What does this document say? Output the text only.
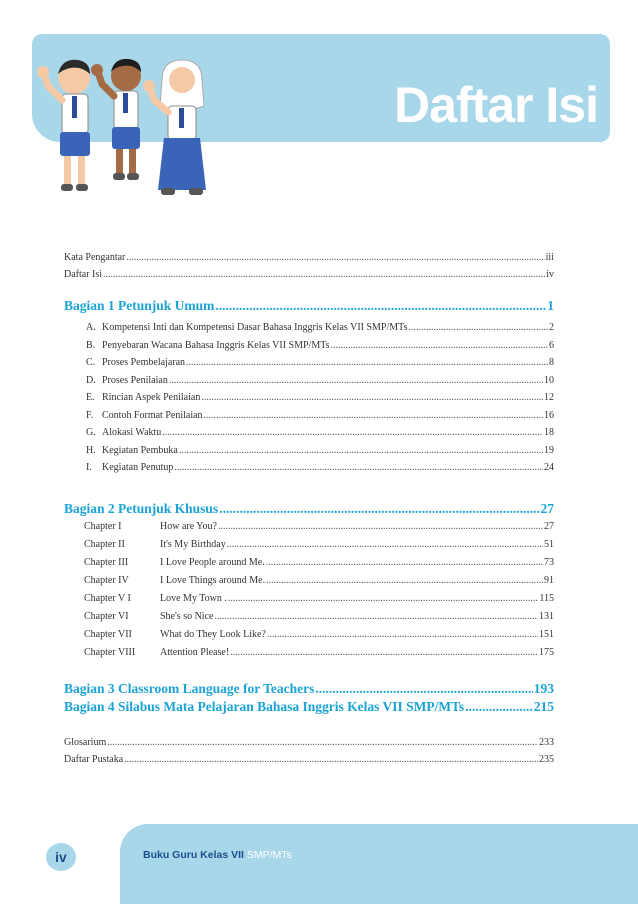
Daftar Isi
Kata Pengantar .....	iii
Daftar Isi .....	iv
Bagian 1 Petunjuk Umum .....	1
A. Kompetensi Inti dan Kompetensi Dasar Bahasa Inggris Kelas VII SMP/MTs .....	2
B. Penyebaran Wacana Bahasa Inggris Kelas VII SMP/MTs .....	6
C. Proses Pembelajaran .....	8
D. Proses Penilaian .....	10
E. Rincian Aspek Penilaian .....	12
F. Contoh Format Penilaian .....	16
G. Alokasi Waktu .....	18
H. Kegiatan Pembuka .....	19
I. Kegiatan Penutup .....	24
Bagian 2 Petunjuk Khusus .....	27
Chapter I	How are You? .....	27
Chapter II	It's My Birthday .....	51
Chapter III	I Love People around Me. .....	73
Chapter IV	I Love Things around Me. .....	91
Chapter V I	Love My Town . .....	115
Chapter VI	She's so Nice .....	131
Chapter VII	What do They Look Like? .....	151
Chapter VIII Attention Please! .....	175
Bagian 3 Classroom Language for Teachers .....	193
Bagian 4 Silabus Mata Pelajaran Bahasa Inggris Kelas VII SMP/MTs .....	215
Glosarium .....	233
Daftar Pustaka .....	235
iv	Buku Guru Kelas VII SMP/MTs
